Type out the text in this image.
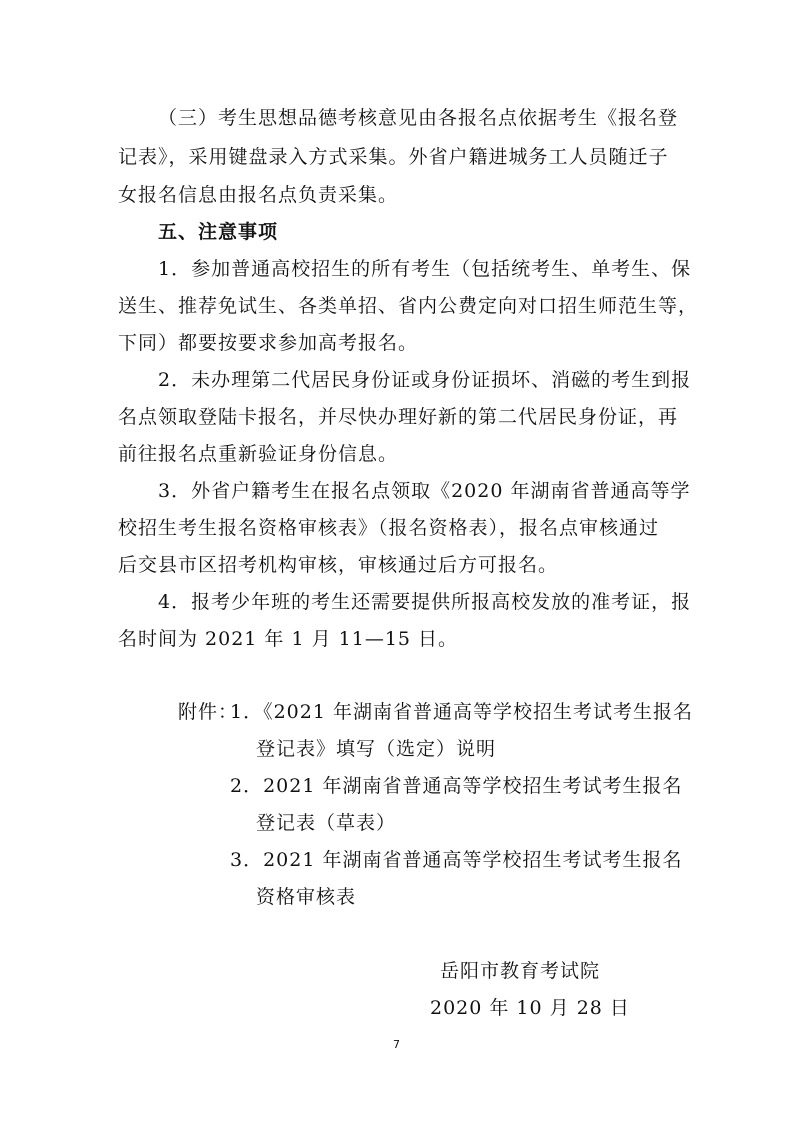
（三）考生思想品德考核意见由各报名点依据考生《报名登
记表》，采用键盘录入方式采集。外省户籍进城务工人员随迁子
女报名信息由报名点负责采集。
五、注意事项
1．参加普通高校招生的所有考生（包括统考生、单考生、保
送生、推荐免试生、各类单招、省内公费定向对口招生师范生等，
下同）都要按要求参加高考报名。
2．未办理第二代居民身份证或身份证损坏、消磁的考生到报
名点领取登陆卡报名，并尽快办理好新的第二代居民身份证，再
前往报名点重新验证身份信息。
3．外省户籍考生在报名点领取《2020 年湖南省普通高等学
校招生考生报名资格审核表》（报名资格表），报名点审核通过
后交县市区招考机构审核，审核通过后方可报名。
4．报考少年班的考生还需要提供所报高校发放的准考证，报
名时间为 2021 年 1 月 11—15 日。
附件：
1．《2021 年湖南省普通高等学校招生考试考生报名
登记表》填写（选定）说明
2．2021 年湖南省普通高等学校招生考试考生报名
登记表（草表）
3．2021 年湖南省普通高等学校招生考试考生报名
资格审核表
岳阳市教育考试院
2020 年 10 月 28 日
7
